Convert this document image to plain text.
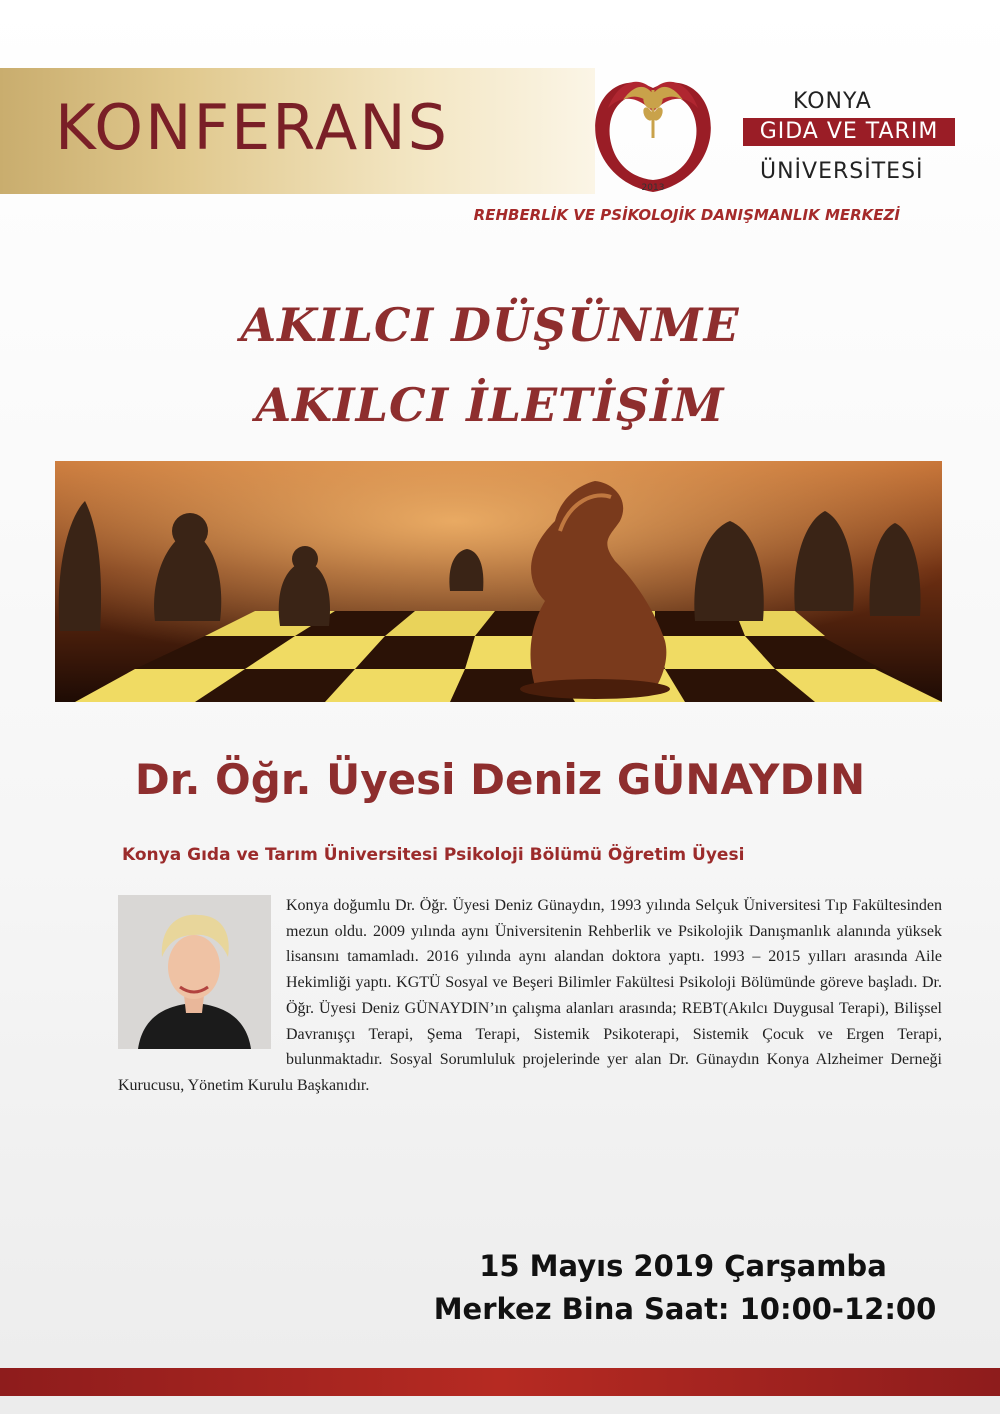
KONFERANS
2013
KONYA
GIDA VE TARIM
ÜNİVERSİTESİ
REHBERLİK VE PSİKOLOJİK DANIŞMANLIK MERKEZİ
AKILCI DÜŞÜNME
AKILCI İLETİŞİM
Dr. Öğr. Üyesi Deniz GÜNAYDIN
Konya Gıda ve Tarım Üniversitesi Psikoloji Bölümü Öğretim Üyesi
Konya doğumlu Dr. Öğr. Üyesi Deniz Günaydın, 1993 yılında Selçuk Üniversitesi Tıp Fakültesinden mezun oldu. 2009 yılında aynı Üniversitenin Rehberlik ve Psikolojik Danışmanlık alanında yüksek lisansını tamamladı. 2016 yılında aynı alandan doktora yaptı. 1993 – 2015 yılları arasında Aile Hekimliği yaptı. KGTÜ Sosyal ve Beşeri Bilimler Fakültesi Psikoloji Bölümünde göreve başladı. Dr. Öğr. Üyesi Deniz GÜNAYDIN’ın çalışma alanları arasında; REBT(Akılcı Duygusal Terapi), Bilişsel Davranışçı Terapi, Şema Terapi, Sistemik Psikoterapi, Sistemik Çocuk ve Ergen Terapi, bulunmaktadır. Sosyal Sorumluluk projelerinde yer alan Dr. Günaydın Konya Alzheimer Derneği Kurucusu, Yönetim Kurulu Başkanıdır.
15 Mayıs 2019 Çarşamba
Merkez Bina Saat: 10:00-12:00
